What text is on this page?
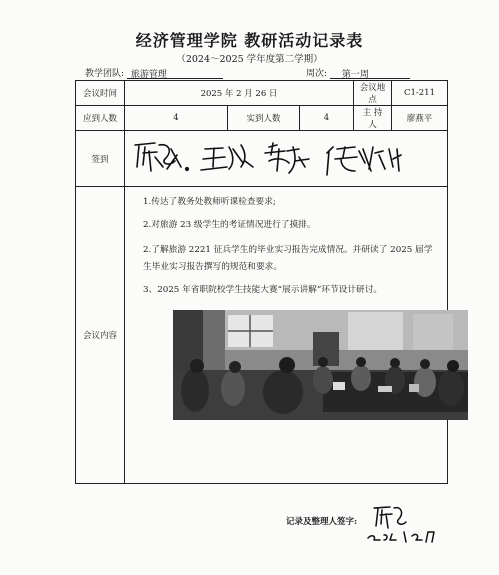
经济管理学院 教研活动记录表
（2024～2025 学年度第二学期）
教学团队: 旅游管理	周次: 第一周
会议时间	2025 年 2 月 26 日			会议地点	C1-211
应到人数	4	实到人数	4	主 持 人	廖燕平
签到	

会议内容	1.传达了教务处教师听课检查要求;
2.对旅游 23 级学生的考证情况进行了摸排。
2.了解旅游 2221 征兵学生的毕业实习报告完成情况。并研读了 2025 届学生毕业实习报告撰写的规范和要求。
3、2025 年省职院校学生技能大赛“展示讲解”环节设计研讨。				
记录及整理人签字:
